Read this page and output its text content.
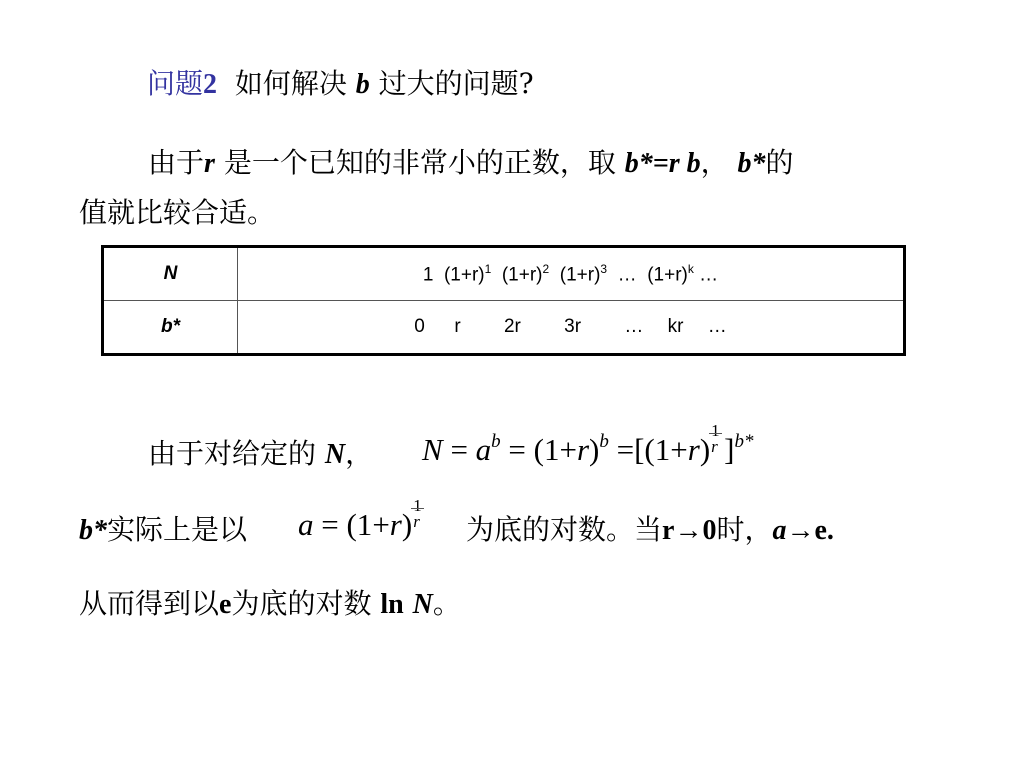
问题2 如何解决 b 过大的问题?
由于r 是一个已知的非常小的正数，取 b*=r b， b*的
值就比较合适。
N	1 $(1+r)^1$ $(1+r)^2$ $(1+r)^3$ … $(1+r)^k$ …
b*	0  r   2r   3r   …  kr  …
由于对给定的 N， $N = a^b = (1+r)^b =[(1+r) \frac{1}{r} ]^{b*}$
b*实际上是以 $a = (1+r) \frac{1}{r}$ 为底的对数。当r→0时，a→e.
从而得到以e为底的对数 ln N。
